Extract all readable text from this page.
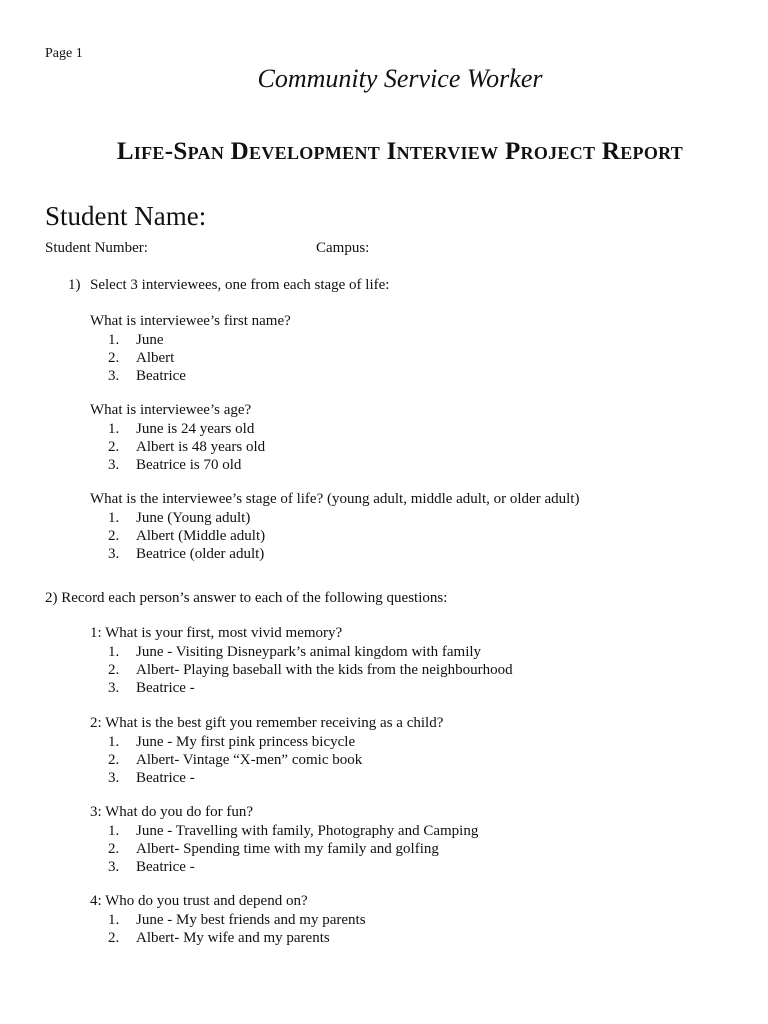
Page 1
Community Service Worker
Life-Span Development Interview Project Report
Student Name:
Student Number:	Campus:
1) Select 3 interviewees, one from each stage of life:
What is interviewee’s first name?
1. June
2. Albert
3. Beatrice
What is interviewee’s age?
1. June is 24 years old
2. Albert is 48 years old
3. Beatrice is 70 old
What is the interviewee’s stage of life? (young adult, middle adult, or older adult)
1. June (Young adult)
2. Albert (Middle adult)
3. Beatrice (older adult)
2) Record each person’s answer to each of the following questions:
1: What is your first, most vivid memory?
1. June - Visiting Disneypark’s animal kingdom with family
2. Albert- Playing baseball with the kids from the neighbourhood
3. Beatrice -
2: What is the best gift you remember receiving as a child?
1. June - My first pink princess bicycle
2. Albert- Vintage “X-men” comic book
3. Beatrice -
3: What do you do for fun?
1. June - Travelling with family, Photography and Camping
2. Albert- Spending time with my family and golfing
3. Beatrice -
4: Who do you trust and depend on?
1. June - My best friends and my parents
2. Albert- My wife and my parents
